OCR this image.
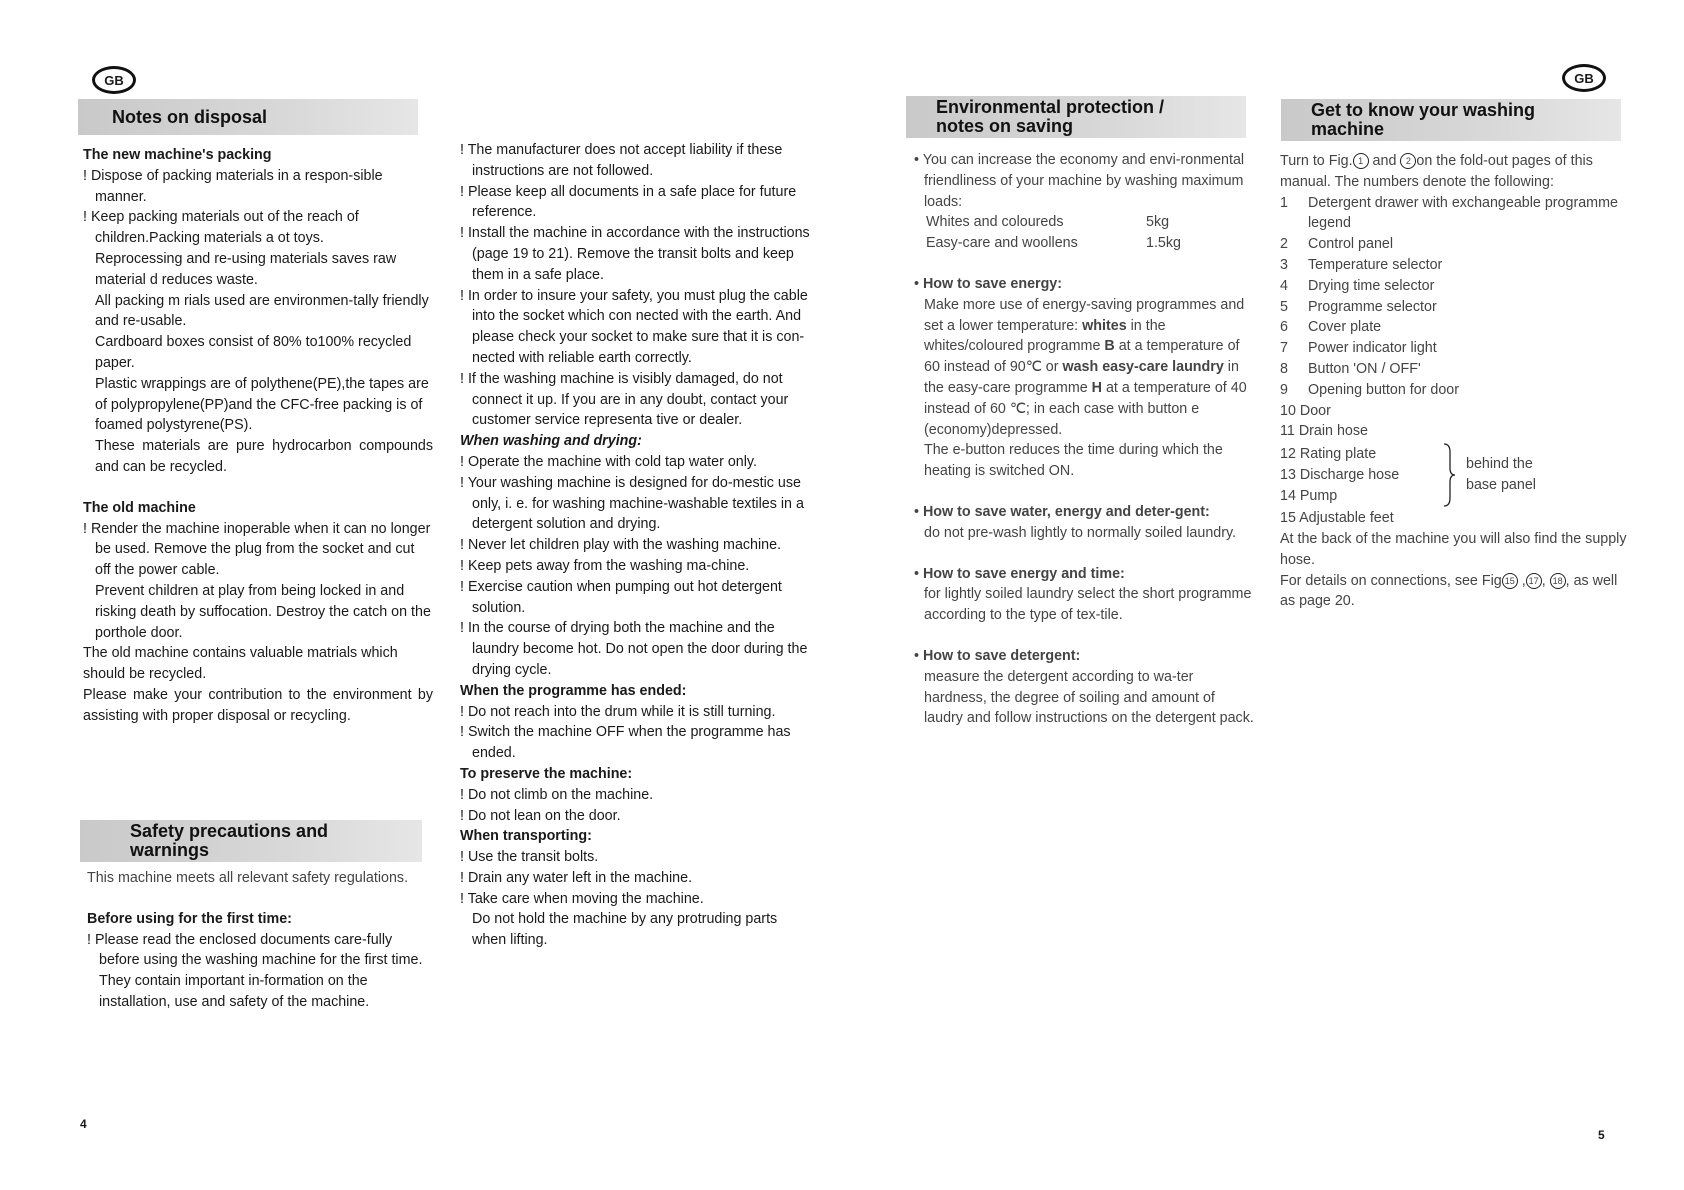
GB	GB
Notes on disposal

The new machine's packing

! Dispose of packing materials in a respon-sible manner.

! Keep packing materials out of the reach of children.Packing materials a ot toys.

Reprocessing and re-using materials saves raw material d reduces waste.

All packing m rials used are environmen-tally friendly and re-usable.

Cardboard boxes consist of 80% to100% recycled paper.

Plastic wrappings are of polythene(PE),the tapes are of polypropylene(PP)and the CFC-free packing is of foamed polystyrene(PS).

These materials are pure hydrocarbon compounds and can be recycled.

The old machine

! Render the machine inoperable when it can no longer be used. Remove the plug from the socket and cut off the power cable.

Prevent children at play from being locked in and risking death by suffocation. Destroy the catch on the porthole door.

The old machine contains valuable matrials which should be recycled.

Please make your contribution to the environment by assisting with proper disposal or recycling.

Safety precautions and
warnings

This machine meets all relevant safety regulations.

Before using for the first time:

! Please read the enclosed documents care-fully before using the washing machine for the first time. They contain important in-formation on the installation, use and safety of the machine.

4

! The manufacturer does not accept liability if these instructions are not followed.

! Please keep all documents in a safe place for future reference.

! Install the machine in accordance with the instructions (page 19 to 21). Remove the transit bolts and keep them in a safe place.

! In order to insure your safety, you must plug the cable into the socket which con nected with the earth. And please check your socket to make sure that it is con-nected with reliable earth correctly.

! If the washing machine is visibly damaged, do not connect it up. If you are in any doubt, contact your customer service representa tive or dealer.

When washing and drying:

! Operate the machine with cold tap water only.

! Your washing machine is designed for do-mestic use only, i. e. for washing machine-washable textiles in a detergent solution and drying.

! Never let children play with the washing machine.

! Keep pets away from the washing ma-chine.

! Exercise caution when pumping out hot detergent solution.

! In the course of drying both the machine and the laundry become hot. Do not open the door during the drying cycle.

When the programme has ended:

! Do not reach into the drum while it is still turning.

! Switch the machine OFF when the programme has ended.

To preserve the machine:

! Do not climb on the machine.

! Do not lean on the door.

When transporting:

! Use the transit bolts.

! Drain any water left in the machine.

! Take care when moving the machine.

Do not hold the machine by any protruding parts when lifting.

Environmental protection /
notes on saving

• You can increase the economy and envi-ronmental friendliness of your machine by washing maximum loads:

Whites and coloureds	5kg
Easy-care and woollens	1.5kg

• How to save energy:

Make more use of energy-saving programmes and set a lower temperature: whites in the whites/coloured programme B at a temperature of 60 instead of 90℃ or wash easy-care laundry in the easy-care programme H at a temperature of 40 instead of 60 ℃; in each case with button e (economy)depressed.

The e-button reduces the time during which the heating is switched ON.

• How to save water, energy and deter-gent:

do not pre-wash lightly to normally soiled laundry.

• How to save energy and time:

for lightly soiled laundry select the short programme according to the type of tex-tile.

• How to save detergent:

measure the detergent according to wa-ter hardness, the degree of soiling and amount of laudry and follow instructions on the detergent pack.

Get to know your washing
machine

Turn to Fig. 1 and 2 on the fold-out pages of this manual. The numbers denote the following:

1 Detergent drawer with exchangeable programme legend

2 Control panel

3 Temperature selector

4 Drying time selector

5 Programme selector

6 Cover plate

7 Power indicator light

8 Button 'ON / OFF'

9 Opening button for door

10 Door

11 Drain hose

12 Rating plate

13 Discharge hose

14 Pump

behind the

base panel

15 Adjustable feet

At the back of the machine you will also find the supply hose.

For details on connections, see Fig 15 , 17 , 18 , as well as page 20.

5
